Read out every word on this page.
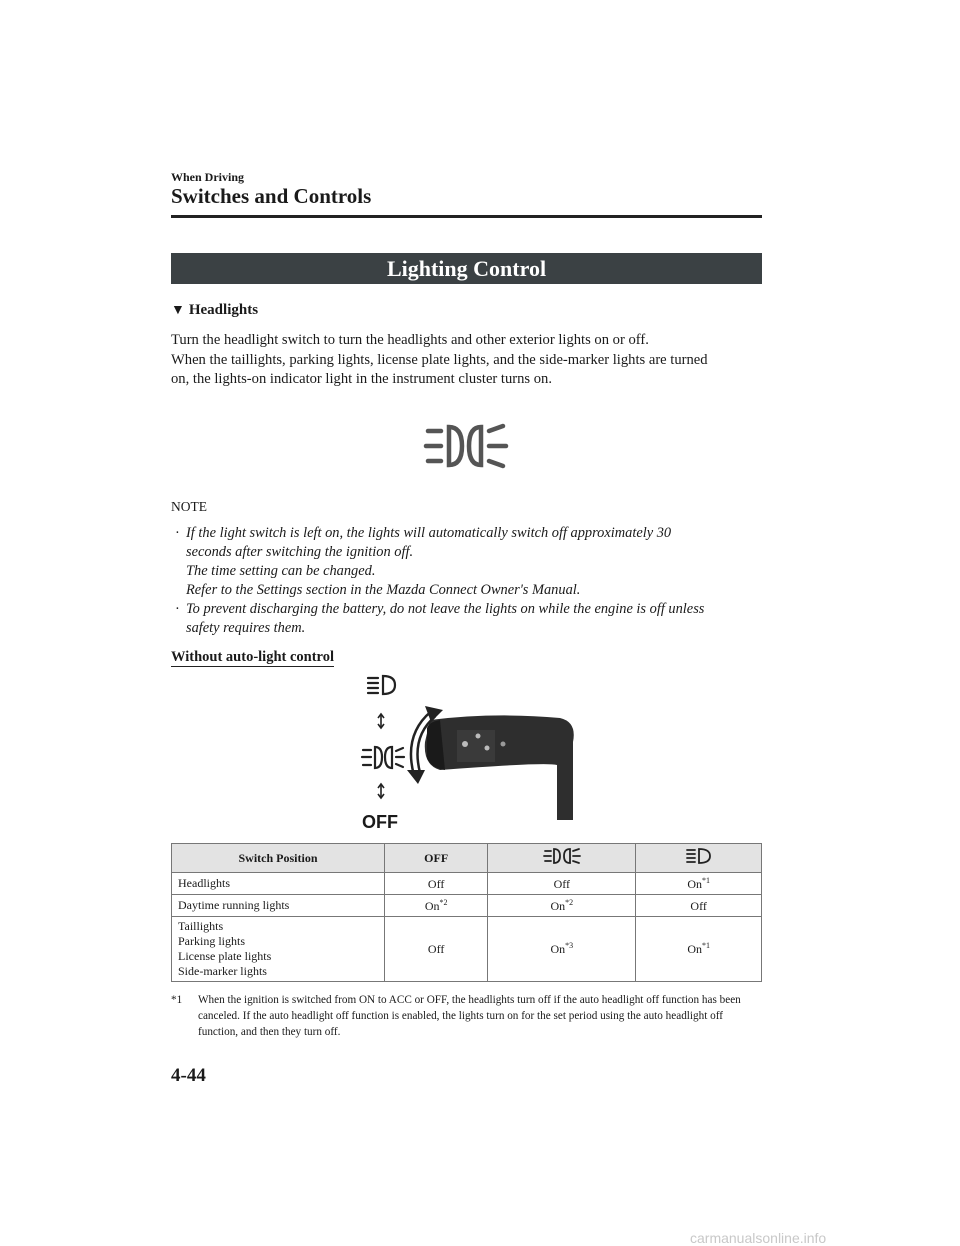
When Driving
Switches and Controls
Lighting Control
▼ Headlights

Turn the headlight switch to turn the headlights and other exterior lights on or off.

When the taillights, parking lights, license plate lights, and the side-marker lights are turned

on, the lights-on indicator light in the instrument cluster turns on.

NOTE
· If the light switch is left on, the lights will automatically switch off approximately 30
seconds after switching the ignition off.
The time setting can be changed.
Refer to the Settings section in the Mazda Connect Owner's Manual.
· To prevent discharging the battery, do not leave the lights on while the engine is off unless
safety requires them.
Without auto-light control
OFF
Switch Position	OFF		
Headlights	Off	Off	On$^{*1}$
Daytime running lights	On$^{*2}$	On$^{*2}$	Off

Taillights
Parking lights
License plate lights
Side-marker lights	Off	On$^{*3}$	On$^{*1}$
*1 When the ignition is switched from ON to ACC or OFF, the headlights turn off if the auto headlight off function has been canceled. If the auto headlight off function is enabled, the lights turn on for the set period using the auto headlight off function, and then they turn off.
4-44
carmanualsonline.info
